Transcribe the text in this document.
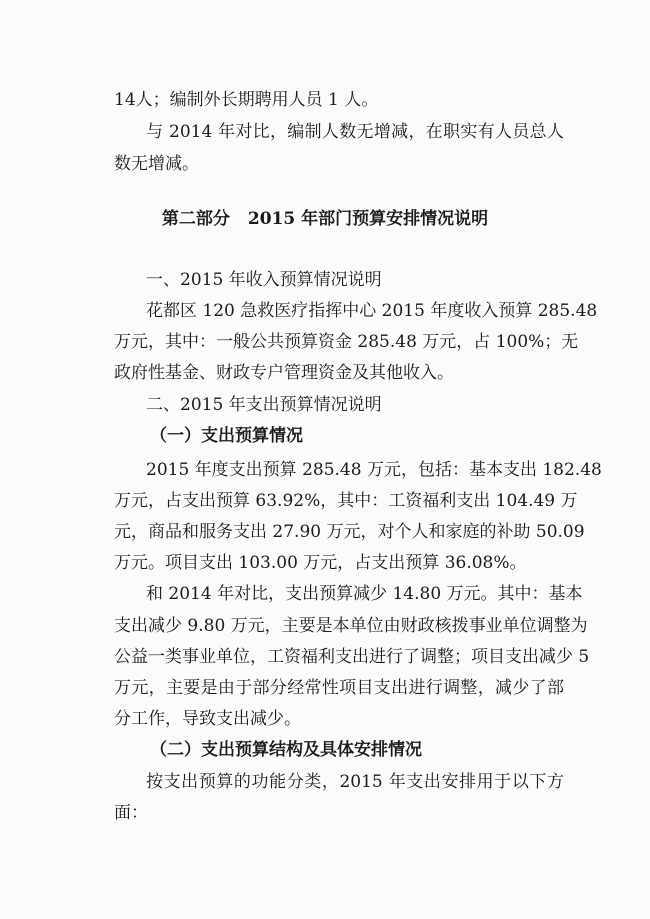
14人；编制外长期聘用人员 1 人。
与 2014 年对比，编制人数无增减，在职实有人员总人
数无增减。
第二部分 2015 年部门预算安排情况说明
一、2015 年收入预算情况说明
花都区 120 急救医疗指挥中心 2015 年度收入预算 285.48
万元，其中：一般公共预算资金 285.48 万元，占 100%；无
政府性基金、财政专户管理资金及其他收入。
二、2015 年支出预算情况说明
（一）支出预算情况
2015 年度支出预算 285.48 万元，包括：基本支出 182.48
万元，占支出预算 63.92%，其中：工资福利支出 104.49 万
元，商品和服务支出 27.90 万元，对个人和家庭的补助 50.09
万元。项目支出 103.00 万元，占支出预算 36.08%。
和 2014 年对比，支出预算减少 14.80 万元。其中：基本
支出减少 9.80 万元，主要是本单位由财政核拨事业单位调整为
公益一类事业单位，工资福利支出进行了调整；项目支出减少 5
万元，主要是由于部分经常性项目支出进行调整，减少了部
分工作，导致支出减少。
（二）支出预算结构及具体安排情况
按支出预算的功能分类，2015 年支出安排用于以下方
面：
